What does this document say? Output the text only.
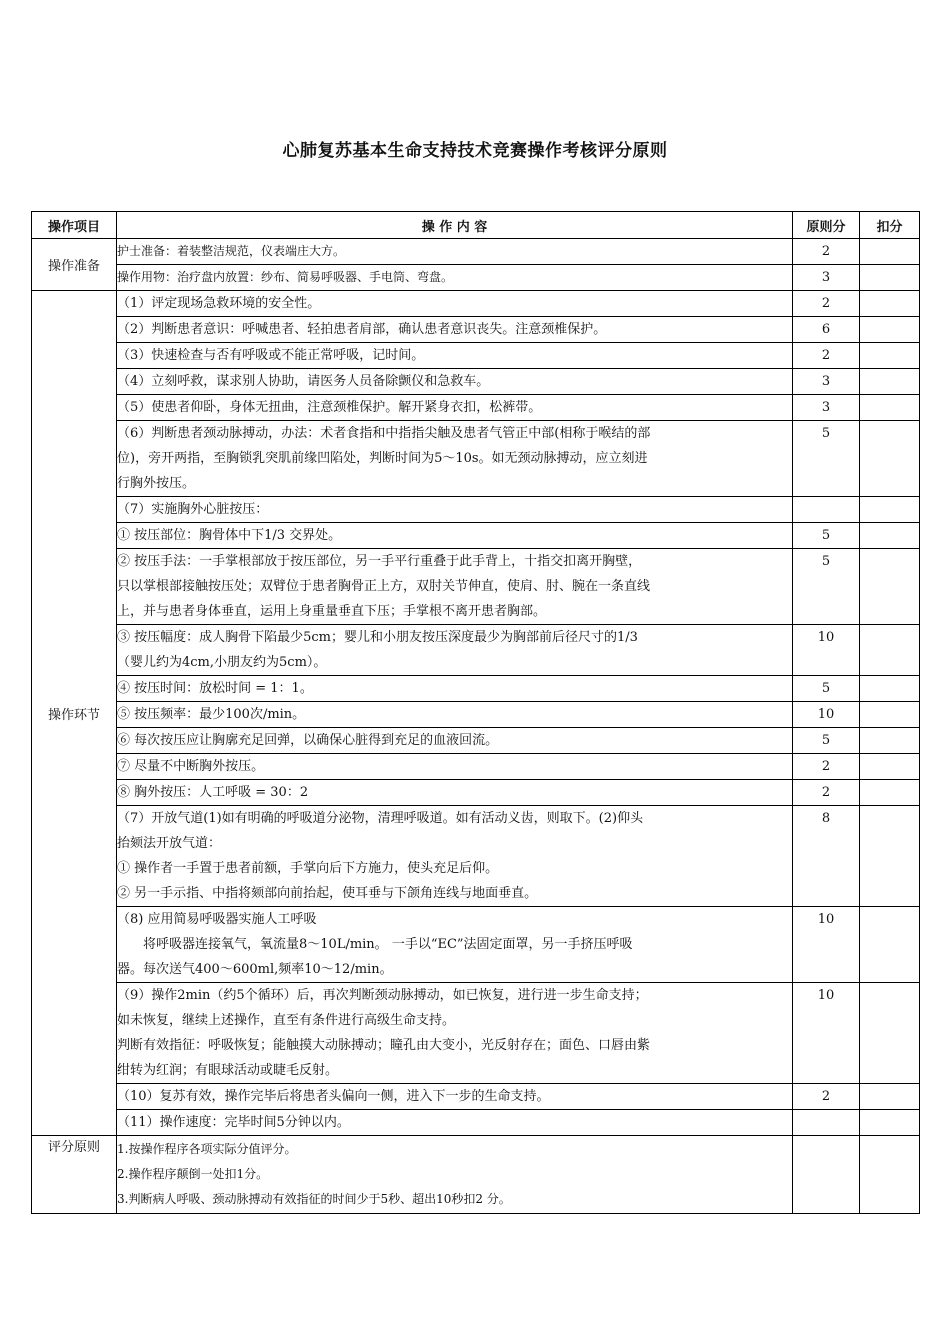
心肺复苏基本生命支持技术竞赛操作考核评分原则
操作项目	操 作 内 容	原则分	扣分
操作准备	护士准备：着装整洁规范，仪表端庄大方。	2	

	操作用物：治疗盘内放置：纱布、简易呼吸器、手电筒、弯盘。	3	
操作环节	（1）评定现场急救环境的安全性。	2	

	（2）判断患者意识：呼喊患者、轻拍患者肩部，确认患者意识丧失。注意颈椎保护。	6	

	（3）快速检查与否有呼吸或不能正常呼吸，记时间。	2	

	（4）立刻呼救，谋求别人协助，请医务人员备除颤仪和急救车。	3	

	（5）使患者仰卧，身体无扭曲，注意颈椎保护。解开紧身衣扣，松裤带。	3	

	（6）判断患者颈动脉搏动，办法：术者食指和中指指尖触及患者气管正中部(相称于喉结的部
位)，旁开两指，至胸锁乳突肌前缘凹陷处，判断时间为5～10s。如无颈动脉搏动，应立刻进
行胸外按压。	5	

	（7）实施胸外心脏按压：		

	① 按压部位：胸骨体中下1/3 交界处。	5	

	② 按压手法：一手掌根部放于按压部位，另一手平行重叠于此手背上，十指交扣离开胸壁，
只以掌根部接触按压处；双臂位于患者胸骨正上方，双肘关节伸直，使肩、肘、腕在一条直线
上，并与患者身体垂直，运用上身重量垂直下压；手掌根不离开患者胸部。	5	

	③ 按压幅度：成人胸骨下陷最少5cm；婴儿和小朋友按压深度最少为胸部前后径尺寸的1/3
（婴儿约为4cm,小朋友约为5cm）。	10	

	④ 按压时间：放松时间 = 1：1。	5	

	⑤ 按压频率：最少100次/min。	10	

	⑥ 每次按压应让胸廓充足回弹，以确保心脏得到充足的血液回流。	5	

	⑦ 尽量不中断胸外按压。	2	

	⑧ 胸外按压：人工呼吸 = 30：2	2	

	（7）开放气道(1)如有明确的呼吸道分泌物，清理呼吸道。如有活动义齿，则取下。(2)仰头
抬颏法开放气道：
① 操作者一手置于患者前额，手掌向后下方施力，使头充足后仰。
② 另一手示指、中指将颏部向前抬起，使耳垂与下颌角连线与地面垂直。	8	

	（8) 应用简易呼吸器实施人工呼吸
　　将呼吸器连接氧气，氧流量8～10L/min。 一手以“EC”法固定面罩，另一手挤压呼吸
器。每次送气400～600ml,频率10～12/min。	10	

	（9）操作2min（约5个循环）后，再次判断颈动脉搏动，如已恢复，进行进一步生命支持；
如未恢复，继续上述操作，直至有条件进行高级生命支持。
判断有效指征：呼吸恢复；能触摸大动脉搏动；瞳孔由大变小，光反射存在；面色、口唇由紫
绀转为红润；有眼球活动或睫毛反射。	10	

	（10）复苏有效，操作完毕后将患者头偏向一侧，进入下一步的生命支持。	2	

	（11）操作速度：完毕时间5分钟以内。		

评分原则	1.按操作程序各项实际分值评分。
2.操作程序颠倒一处扣1分。
3.判断病人呼吸、颈动脉搏动有效指征的时间少于5秒、超出10秒扣2 分。		
